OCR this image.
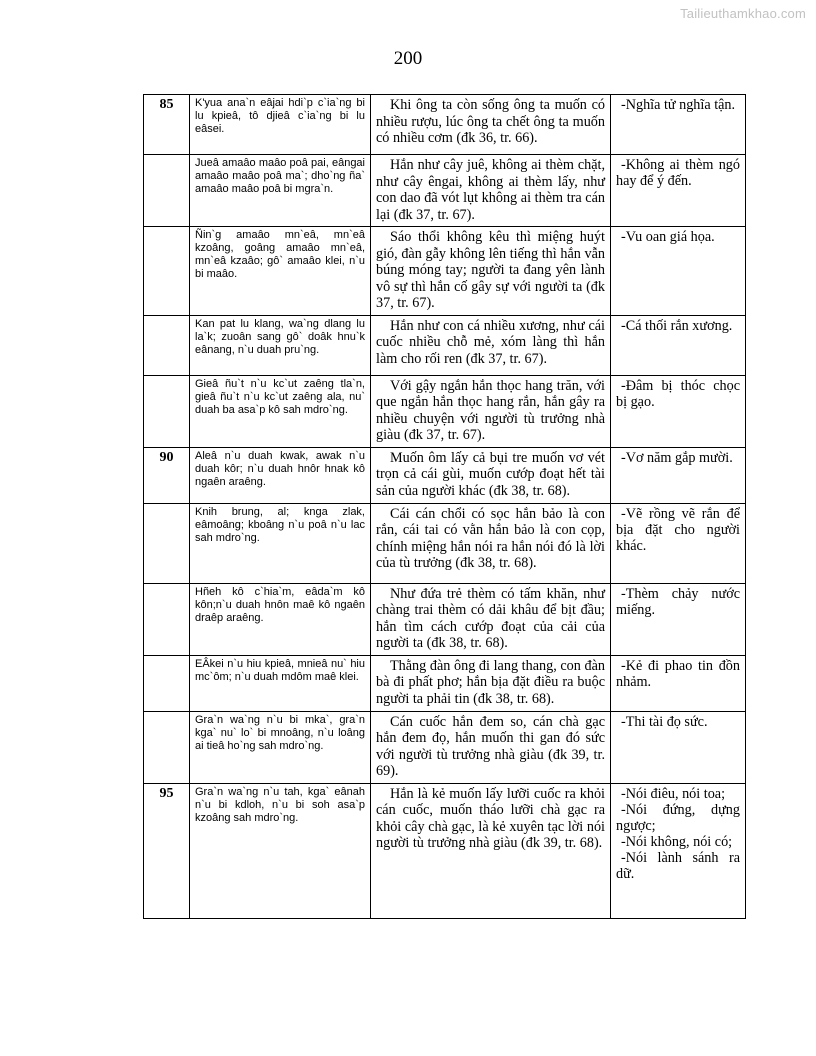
Tailieuthamkhao.com
200
85	K'yua ana`n eâjai hdi`p c`ia`ng bi lu kpieâ, tô djieâ c`ia`ng bi lu eâsei.	Khi ông ta còn sống ông ta muốn có nhiều rượu, lúc ông ta chết ông ta muốn có nhiều cơm (đk 36, tr. 66).	-Nghĩa tử nghĩa tận.

	Jueâ amaâo maâo poâ pai, eângai amaâo maâo poâ ma`; dho`ng ña` amaâo maâo poâ bi mgra`n.	Hắn như cây juê, không ai thèm chặt, như cây êngai, không ai thèm lấy, như con dao đã vót lụt không ai thèm tra cán lại (đk 37, tr. 67).	-Không ai thèm ngó hay để ý đến.

	Ñin`g amaâo mn`eâ, mn`eâ kzoâng, goâng amaâo mn`eâ, mn`eâ kzaâo; gô` amaâo klei, n`u bi maâo.	Sáo thổi không kêu thì miệng huýt gió, đàn gẫy không lên tiếng thì hắn vẫn búng móng tay; người ta đang yên lành vô sự thì hắn cố gây sự với người ta (đk 37, tr. 67).	-Vu oan giá họa.

	Kan pat lu klang, wa`ng dlang lu la`k; zuoân sang gô` doâk hnu`k eânang, n`u duah pru`ng.	Hắn như con cá nhiều xương, như cái cuốc nhiều chỗ mẻ, xóm làng thì hắn làm cho rối ren (đk 37, tr. 67).	-Cá thối rắn xương.

	Gieâ ñu`t n`u kc`ut zaêng tla`n, gieâ ñu`t n`u kc`ut zaêng ala, nu` duah ba asa`p kô sah mdro`ng.	Với gậy ngắn hắn thọc hang trăn, với que ngắn hắn thọc hang rắn, hắn gây ra nhiều chuyện với người tù trưởng nhà giàu (đk 37, tr. 67).	-Đâm bị thóc chọc bị gạo.

90	Aleâ n`u duah kwak, awak n`u duah kôr; n`u duah hnôr hnak kô ngaên araêng.	Muốn ôm lấy cả bụi tre muốn vơ vét trọn cả cái gùi, muốn cướp đoạt hết tài sản của người khác (đk 38, tr. 68).	-Vơ năm gắp mười.

	Knih brung, al; knga zlak, eâmoâng; kboâng n`u poâ n`u lac sah mdro`ng.	Cái cán chổi có sọc hắn bảo là con rắn, cái tai có vằn hắn bảo là con cọp, chính miệng hắn nói ra hắn nói đó là lời của tù trưởng (đk 38, tr. 68).	-Vẽ rồng vẽ rắn để bịa đặt cho người khác.

	Hñeh kô c`hia`m, eâda`m kô kôn;n`u duah hnôn maê kô ngaên draêp araêng.	Như đứa trẻ thèm có tấm khăn, như chàng trai thèm có dải khâu để bịt đầu; hắn tìm cách cướp đoạt của cải của người ta (đk 38, tr. 68).	-Thèm chảy nước miếng.

	EÂkei n`u hiu kpieâ, mnieâ nu` hiu mc`ôm; n`u duah mdôm maê klei.	Thằng đàn ông đi lang thang, con đàn bà đi phất phơ; hắn bịa đặt điều ra buộc người ta phải tin (đk 38, tr. 68).	-Kẻ đi phao tin đồn nhảm.

	Gra`n wa`ng n`u bi mka`, gra`n kga` nu` lo` bi mnoâng, n`u loâng ai tieâ ho`ng sah mdro`ng.	Cán cuốc hắn đem so, cán chà gạc hắn đem đọ, hắn muốn thi gan đó sức với người tù trưởng nhà giàu (đk 39, tr. 69).	-Thi tài đọ sức.

95	Gra`n wa`ng n`u tah, kga` eânah n`u bi kdloh, n`u bi soh asa`p kzoâng sah mdro`ng.	Hắn là kẻ muốn lấy lưỡi cuốc ra khỏi cán cuốc, muốn tháo lưỡi chà gạc ra khỏi cây chà gạc, là kẻ xuyên tạc lời nói người tù trưởng nhà giàu (đk 39, tr. 68).	-Nói điêu, nói toa;
-Nói đứng, dựng ngược;
-Nói không, nói có;
-Nói lành sánh ra dữ.
